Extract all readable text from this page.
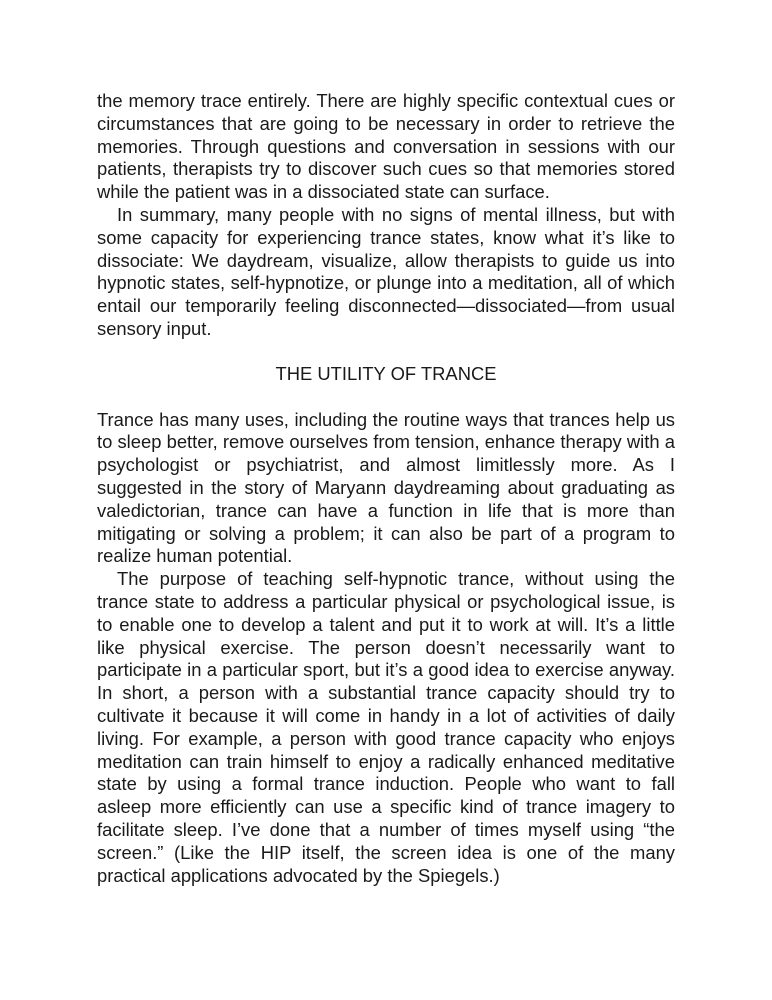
the memory trace entirely. There are highly specific contextual cues or circumstances that are going to be necessary in order to retrieve the memories. Through questions and conversation in sessions with our patients, therapists try to discover such cues so that memories stored while the patient was in a dissociated state can surface.

In summary, many people with no signs of mental illness, but with some capacity for experiencing trance states, know what it’s like to dissociate: We daydream, visualize, allow therapists to guide us into hypnotic states, self-hypnotize, or plunge into a meditation, all of which entail our temporarily feeling disconnected—dissociated—from usual sensory input.

THE UTILITY OF TRANCE

Trance has many uses, including the routine ways that trances help us to sleep better, remove ourselves from tension, enhance therapy with a psychologist or psychiatrist, and almost limitlessly more. As I suggested in the story of Maryann daydreaming about graduating as valedictorian, trance can have a function in life that is more than mitigating or solving a problem; it can also be part of a program to realize human potential.

The purpose of teaching self-hypnotic trance, without using the trance state to address a particular physical or psychological issue, is to enable one to develop a talent and put it to work at will. It’s a little like physical exercise. The person doesn’t necessarily want to participate in a particular sport, but it’s a good idea to exercise anyway. In short, a person with a substantial trance capacity should try to cultivate it because it will come in handy in a lot of activities of daily living. For example, a person with good trance capacity who enjoys meditation can train himself to enjoy a radically enhanced meditative state by using a formal trance induction. People who want to fall asleep more efficiently can use a specific kind of trance imagery to facilitate sleep. I’ve done that a number of times myself using “the screen.” (Like the HIP itself, the screen idea is one of the many practical applications advocated by the Spiegels.)
